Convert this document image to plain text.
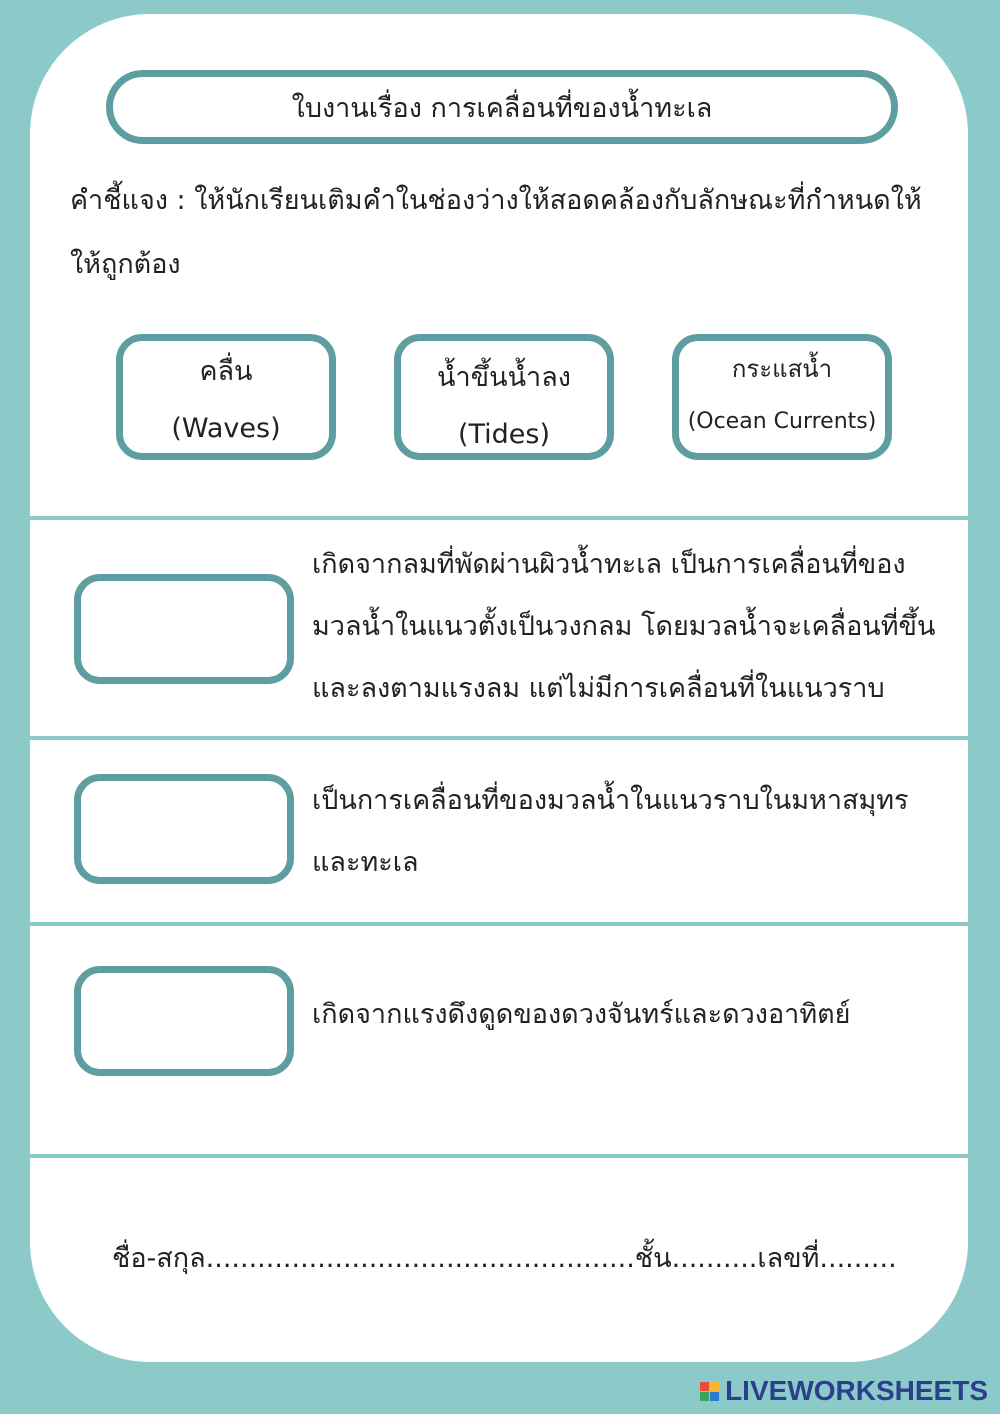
ใบงานเรื่อง การเคลื่อนที่ของน้ำทะเล
คำชี้แจง : ให้นักเรียนเติมคำในช่องว่างให้สอดคล้องกับลักษณะที่กำหนดให้
ให้ถูกต้อง
คลื่น
(Waves)
น้ำขึ้นน้ำลง
(Tides)
กระแสน้ำ
(Ocean Currents)
เกิดจากลมที่พัดผ่านผิวน้ำทะเล เป็นการเคลื่อนที่ของ
มวลน้ำในแนวตั้งเป็นวงกลม โดยมวลน้ำจะเคลื่อนที่ขึ้น
และลงตามแรงลม แต่ไม่มีการเคลื่อนที่ในแนวราบ
เป็นการเคลื่อนที่ของมวลน้ำในแนวราบในมหาสมุทร
และทะเล
เกิดจากแรงดึงดูดของดวงจันทร์และดวงอาทิตย์
ชื่อ-สกุล..................................................ชั้น..........เลขที่.........
LIVEWORKSHEETS
